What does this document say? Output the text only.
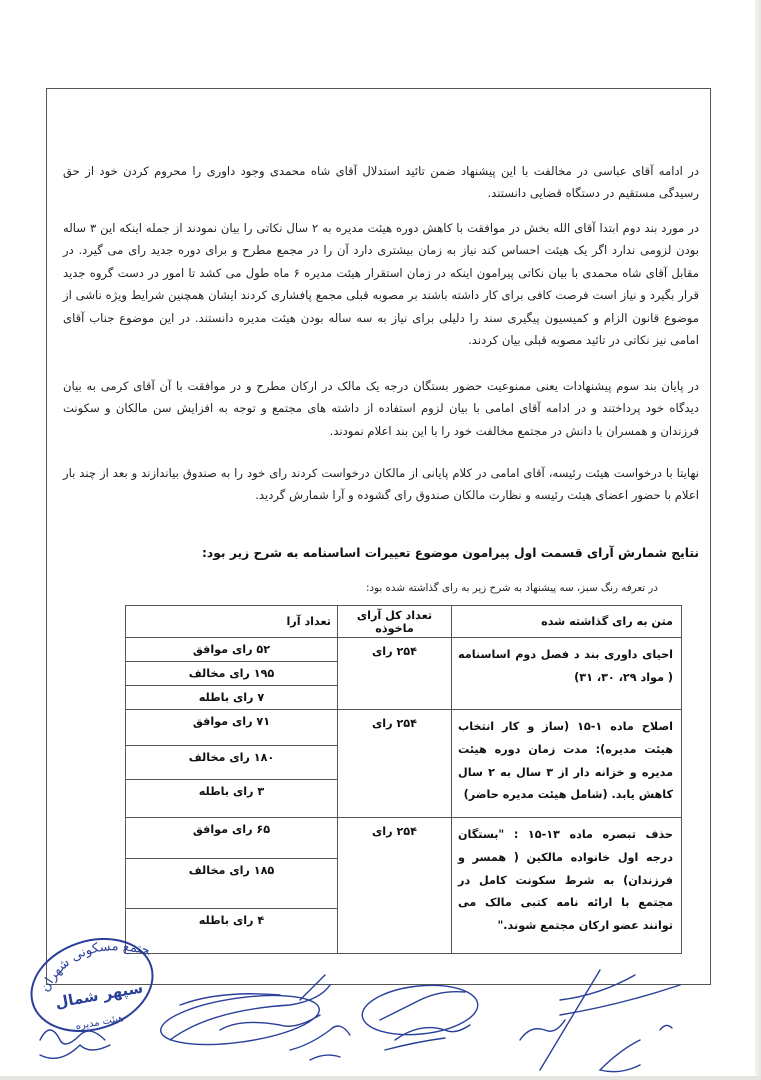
در ادامه آقای عباسی در مخالفت با این پیشنهاد ضمن تائید استدلال آقای شاه محمدی وجود داوری را محروم کردن خود از حق رسیدگی مستقیم در دستگاه قضایی دانستند.

در مورد بند دوم ابتدا آقای الله بخش در موافقت با کاهش دوره هیئت مدیره به ۲ سال نکاتی را بیان نمودند از جمله اینکه این ۳ ساله بودن لزومی ندارد اگر یک هیئت احساس کند نیاز به زمان بیشتری دارد آن را در مجمع مطرح و برای دوره جدید رای می گیرد. در مقابل آقای شاه محمدی با بیان نکاتی پیرامون اینکه در زمان استقرار هیئت مدیره ۶ ماه طول می کشد تا امور در دست گروه جدید قرار بگیرد و نیاز است فرصت کافی برای کار داشته باشند بر مصوبه قبلی مجمع پافشاری کردند ایشان همچنین شرایط ویژه ناشی از موضوع قانون الزام و کمیسیون پیگیری سند را دلیلی برای نیاز به سه ساله بودن هیئت مدیره دانستند. در این موضوع جناب آقای امامی نیز نکاتی در تائید مصوبه قبلی بیان کردند.

در پایان بند سوم پیشنهادات یعنی ممنوعیت حضور بستگان درجه یک مالک در ارکان مطرح و در موافقت با آن آقای کرمی به بیان دیدگاه خود پرداختند و در ادامه آقای امامی با بیان لزوم استفاده از داشته های مجتمع و توجه به افزایش سن مالکان و سکونت فرزندان و همسران با دانش در مجتمع مخالفت خود را با این بند اعلام نمودند.

نهایتا با درخواست هیئت رئیسه، آقای امامی در کلام پایانی از مالکان درخواست کردند رای خود را به صندوق بیاندازند و بعد از چند بار اعلام با حضور اعضای هیئت رئیسه و نظارت مالکان صندوق رای گشوده و آرا شمارش گردید.

نتایج شمارش آرای قسمت اول پیرامون موضوع تعییرات اساسنامه به شرح زیر بود:
در تعرفه رنگ سبز، سه پیشنهاد به شرح زیر به رای گذاشته شده بود:
متن به رای گذاشته شده	تعداد کل آرای ماخوذه	تعداد آرا
احیای داوری بند د فصل دوم اساسنامه ( مواد ۲۹، ۳۰، ۳۱)	۲۵۴ رای	۵۲ رای موافق
۱۹۵ رای مخالف
۷ رای باطله

اصلاح ماده ۱-۱۵ (ساز و کار انتخاب هیئت مدیره): مدت زمان دوره هیئت مدیره و خزانه دار از ۳ سال به ۲ سال کاهش یابد. (شامل هیئت مدیره حاضر)	۲۵۴ رای	۷۱ رای موافق
۱۸۰ رای مخالف
۳ رای باطله

حذف تبصره ماده ۱۳-۱۵ : "بستگان درجه اول خانواده مالکین ( همسر و فرزندان) به شرط سکونت کامل در مجتمع با ارائه نامه کتبی مالک می توانند عضو ارکان مجتمع شوند."	۲۵۴ رای	۶۵ رای موافق
۱۸۵ رای مخالف
۴ رای باطله
جتمع مسکونی شهران
سپهر شمال
هیئت مدیره
